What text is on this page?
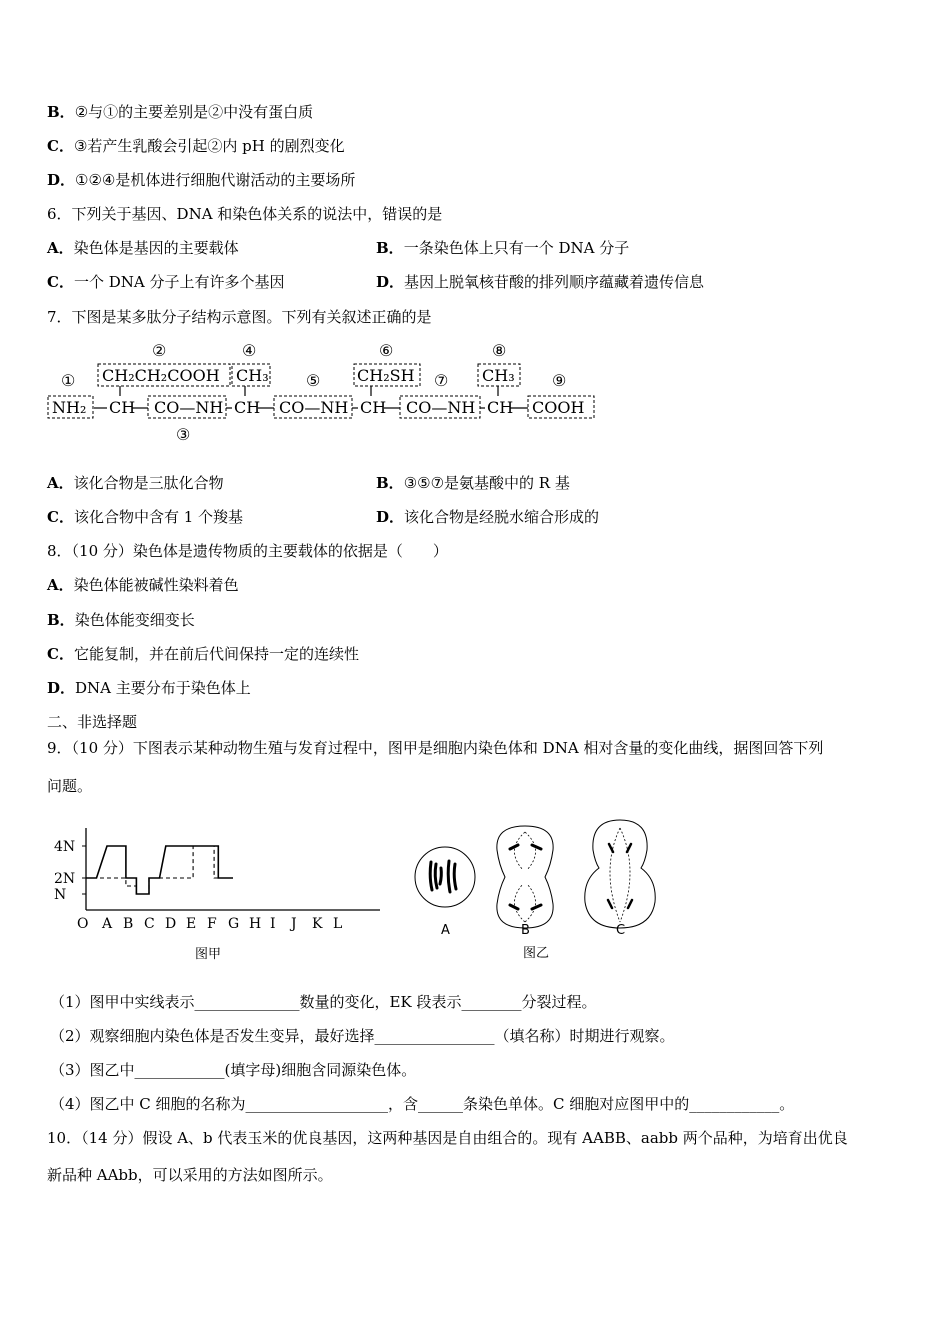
B．②与①的主要差别是②中没有蛋白质
C．③若产生乳酸会引起②内 pH 的剧烈变化
D．①②④是机体进行细胞代谢活动的主要场所
6．下列关于基因、DNA 和染色体关系的说法中，错误的是
A．染色体是基因的主要载体	B．一条染色体上只有一个 DNA 分子
C．一个 DNA 分子上有许多个基因	D．基因上脱氧核苷酸的排列顺序蕴藏着遗传信息
7．下图是某多肽分子结构示意图。下列有关叙述正确的是
①
②
③
④
⑤
⑥
⑦
⑧
⑨
CH₂CH₂COOH CH₃	CH₂SH	CH₃
NH₂ CH CO—NH CH CO—NH CH CO—NH CH COOH
A．该化合物是三肽化合物	B．③⑤⑦是氨基酸中的 R 基
C．该化合物中含有 1 个羧基	D．该化合物是经脱水缩合形成的
8．（10 分）染色体是遗传物质的主要载体的依据是（　　）
A．染色体能被碱性染料着色
B．染色体能变细变长
C．它能复制，并在前后代间保持一定的连续性
D．DNA 主要分布于染色体上
二、非选择题
9．（10 分）下图表示某种动物生殖与发育过程中，图甲是细胞内染色体和 DNA 相对含量的变化曲线，据图回答下列
问题。
O A B C D E F G H I J K L
4N
2N
N
图甲
A	B	C
图乙
（1）图甲中实线表示______________数量的变化，EK 段表示________分裂过程。
（2）观察细胞内染色体是否发生变异，最好选择________________（填名称）时期进行观察。
（3）图乙中____________(填字母)细胞含同源染色体。
（4）图乙中 C 细胞的名称为___________________，含______条染色单体。C 细胞对应图甲中的____________。
10．（14 分）假设 A、b 代表玉米的优良基因，这两种基因是自由组合的。现有 AABB、aabb 两个品种，为培育出优良
新品种 AAbb，可以采用的方法如图所示。
